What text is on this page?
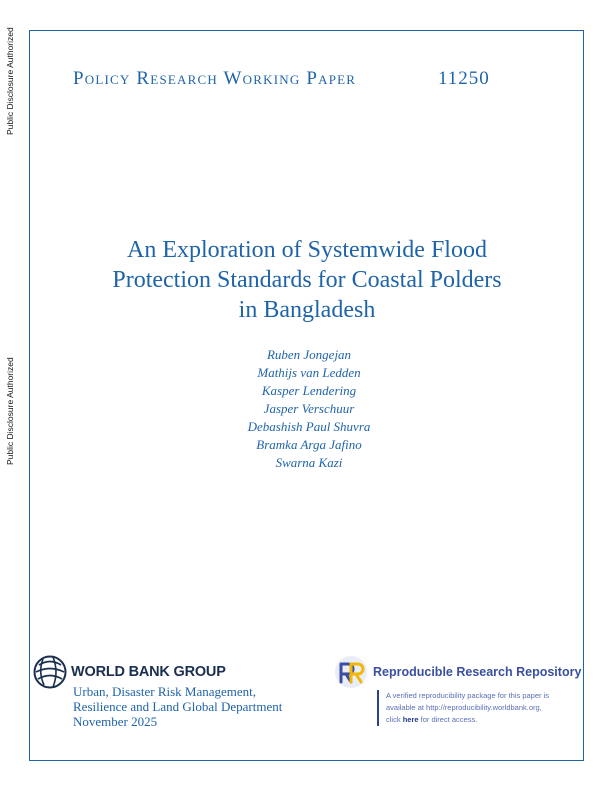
Public Disclosure Authorized
Public Disclosure Authorized
Policy Research Working Paper	11250
An Exploration of Systemwide Flood
Protection Standards for Coastal Polders
in Bangladesh
Ruben Jongejan
Mathijs van Ledden
Kasper Lendering
Jasper Verschuur
Debashish Paul Shuvra
Bramka Arga Jafino
Swarna Kazi
WORLD BANK GROUP
Urban, Disaster Risk Management,
Resilience and Land Global Department
November 2025
Reproducible Research Repository
A verified reproducibility package for this paper is
available at http://reproducibility.worldbank.org,
click here for direct access.
